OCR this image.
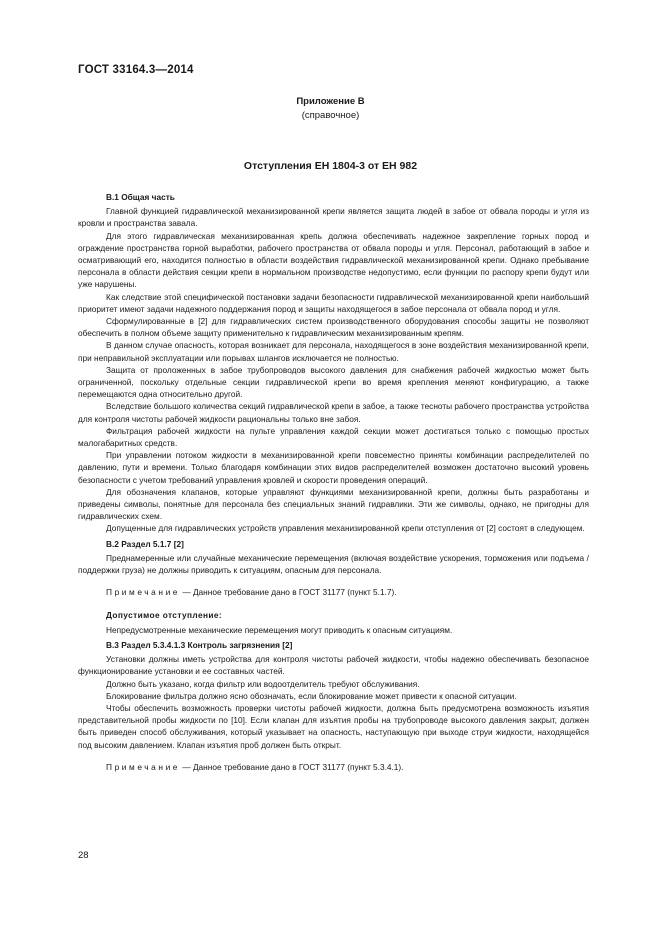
ГОСТ 33164.3—2014
Приложение В
(справочное)
Отступления ЕН 1804-3 от ЕН 982
В.1 Общая часть

Главной функцией гидравлической механизированной крепи является защита людей в забое от обвала породы и угля из кровли и пространства завала.

Для этого гидравлическая механизированная крепь должна обеспечивать надежное закрепление горных пород и ограждение пространства горной выработки, рабочего пространства от обвала породы и угля. Персонал, работающий в забое и осматривающий его, находится полностью в области воздействия гидравлической механизированной крепи. Однако пребывание персонала в области действия секции крепи в нормальном производстве недопустимо, если функции по распору крепи будут или уже нарушены.

Как следствие этой специфической постановки задачи безопасности гидравлической механизированной крепи наибольший приоритет имеют задачи надежного поддержания пород и защиты находящегося в забое персонала от обвала пород и угля.

Сформулированные в [2] для гидравлических систем производственного оборудования способы защиты не позволяют обеспечить в полном объеме защиту применительно к гидравлическим механизированным крепям.

В данном случае опасность, которая возникает для персонала, находящегося в зоне воздействия механизированной крепи, при неправильной эксплуатации или порывах шлангов исключается не полностью.

Защита от проложенных в забое трубопроводов высокого давления для снабжения рабочей жидкостью может быть ограниченной, поскольку отдельные секции гидравлической крепи во время крепления меняют конфигурацию, а также перемещаются одна относительно другой.

Вследствие большого количества секций гидравлической крепи в забое, а также тесноты рабочего пространства устройства для контроля чистоты рабочей жидкости рациональны только вне забоя.

Фильтрация рабочей жидкости на пульте управления каждой секции может достигаться только с помощью простых малогабаритных средств.

При управлении потоком жидкости в механизированной крепи повсеместно приняты комбинации распределителей по давлению, пути и времени. Только благодаря комбинации этих видов распределителей возможен достаточно высокий уровень безопасности с учетом требований управления кровлей и скорости проведения операций.

Для обозначения клапанов, которые управляют функциями механизированной крепи, должны быть разработаны и приведены символы, понятные для персонала без специальных знаний гидравлики. Эти же символы, однако, не пригодны для гидравлических схем.

Допущенные для гидравлических устройств управления механизированной крепи отступления от [2] состоят в следующем.

В.2 Раздел 5.1.7 [2]

Преднамеренные или случайные механические перемещения (включая воздействие ускорения, торможения или подъема /поддержки груза) не должны приводить к ситуациям, опасным для персонала.

Примечание — Данное требование дано в ГОСТ 31177 (пункт 5.1.7).

Допустимое отступление:

Непредусмотренные механические перемещения могут приводить к опасным ситуациям.

В.3 Раздел 5.3.4.1.3 Контроль загрязнения [2]

Установки должны иметь устройства для контроля чистоты рабочей жидкости, чтобы надежно обеспечивать безопасное функционирование установки и ее составных частей.

Должно быть указано, когда фильтр или водоотделитель требуют обслуживания.

Блокирование фильтра должно ясно обозначать, если блокирование может привести к опасной ситуации.

Чтобы обеспечить возможность проверки чистоты рабочей жидкости, должна быть предусмотрена возможность изъятия представительной пробы жидкости по [10]. Если клапан для изъятия пробы на трубопроводе высокого давления закрыт, должен быть приведен способ обслуживания, который указывает на опасность, наступающую при выходе струи жидкости, находящейся под высоким давлением. Клапан изъятия проб должен быть открыт.

Примечание — Данное требование дано в ГОСТ 31177 (пункт 5.3.4.1).

28
